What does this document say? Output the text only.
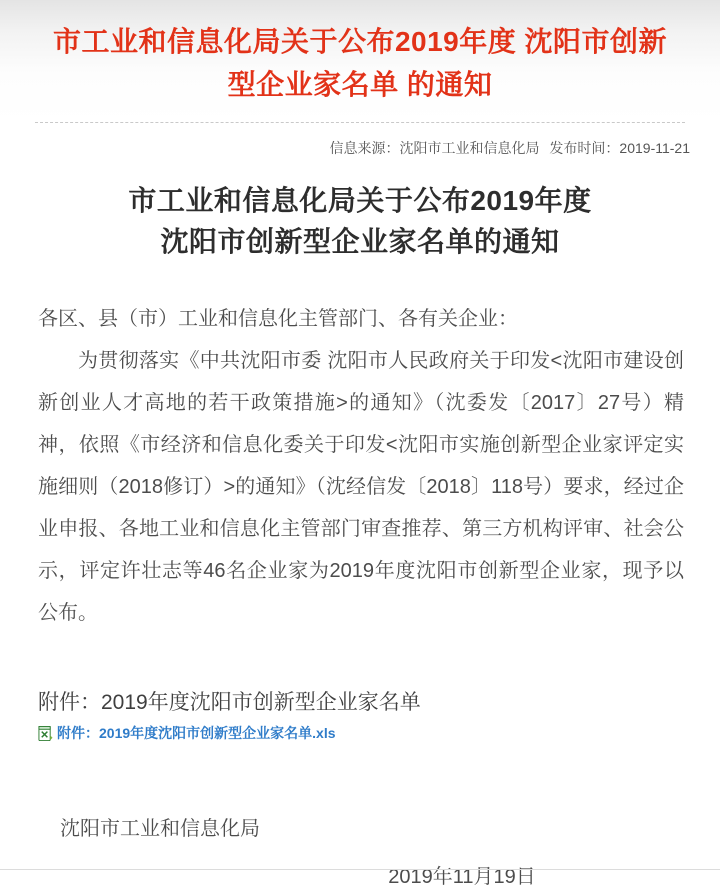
市工业和信息化局关于公布2019年度 沈阳市创新型企业家名单 的通知
信息来源：沈阳市工业和信息化局 发布时间：2019-11-21
市工业和信息化局关于公布2019年度
沈阳市创新型企业家名单的通知
各区、县（市）工业和信息化主管部门、各有关企业：
为贯彻落实《中共沈阳市委 沈阳市人民政府关于印发<沈阳市建设创新创业人才高地的若干政策措施>的通知》（沈委发〔2017〕27号）精神，依照《市经济和信息化委关于印发<沈阳市实施创新型企业家评定实施细则（2018修订）>的通知》（沈经信发〔2018〕118号）要求，经过企业申报、各地工业和信息化主管部门审查推荐、第三方机构评审、社会公示，评定许壮志等46名企业家为2019年度沈阳市创新型企业家，现予以公布。
附件：2019年度沈阳市创新型企业家名单
附件：2019年度沈阳市创新型企业家名单.xls
沈阳市工业和信息化局
2019年11月19日
